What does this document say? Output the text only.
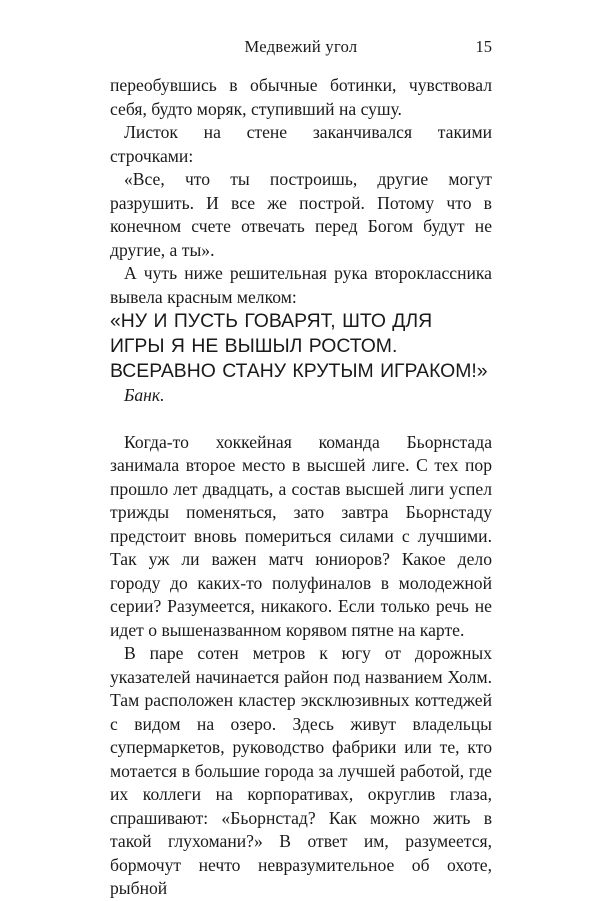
Медвежий угол	15

переобувшись в обычные ботинки, чувствовал себя, будто моряк, ступивший на сушу.

Листок на стене заканчивался такими строчками:

«Все, что ты построишь, другие могут разрушить. И все же построй. Потому что в конечном счете отвечать перед Богом будут не другие, а ты».

А чуть ниже решительная рука второклассника вывела красным мелком:

«НУ И ПУСТЬ ГОВАРЯТ, ШТО ДЛЯ ИГРЫ Я НЕ ВЫШЫЛ РОСТОМ. ВСЕРАВНО СТАНУ КРУТЫМ ИГРАКОМ!»

Банк.

Когда-то хоккейная команда Бьорнстада занимала второе место в высшей лиге. С тех пор прошло лет двадцать, а состав высшей лиги успел трижды поменяться, зато завтра Бьорнстаду предстоит вновь помериться силами с лучшими. Так уж ли важен матч юниоров? Какое дело городу до каких-то полуфиналов в молодежной серии? Разумеется, никакого. Если только речь не идет о вышеназванном корявом пятне на карте.

В паре сотен метров к югу от дорожных указателей начинается район под названием Холм. Там расположен кластер эксклюзивных коттеджей с видом на озеро. Здесь живут владельцы супермаркетов, руководство фабрики или те, кто мотается в большие города за лучшей работой, где их коллеги на корпоративах, округлив глаза, спрашивают: «Бьорнстад? Как можно жить в такой глухомани?» В ответ им, разумеется, бормочут нечто невразумительное об охоте, рыбной
